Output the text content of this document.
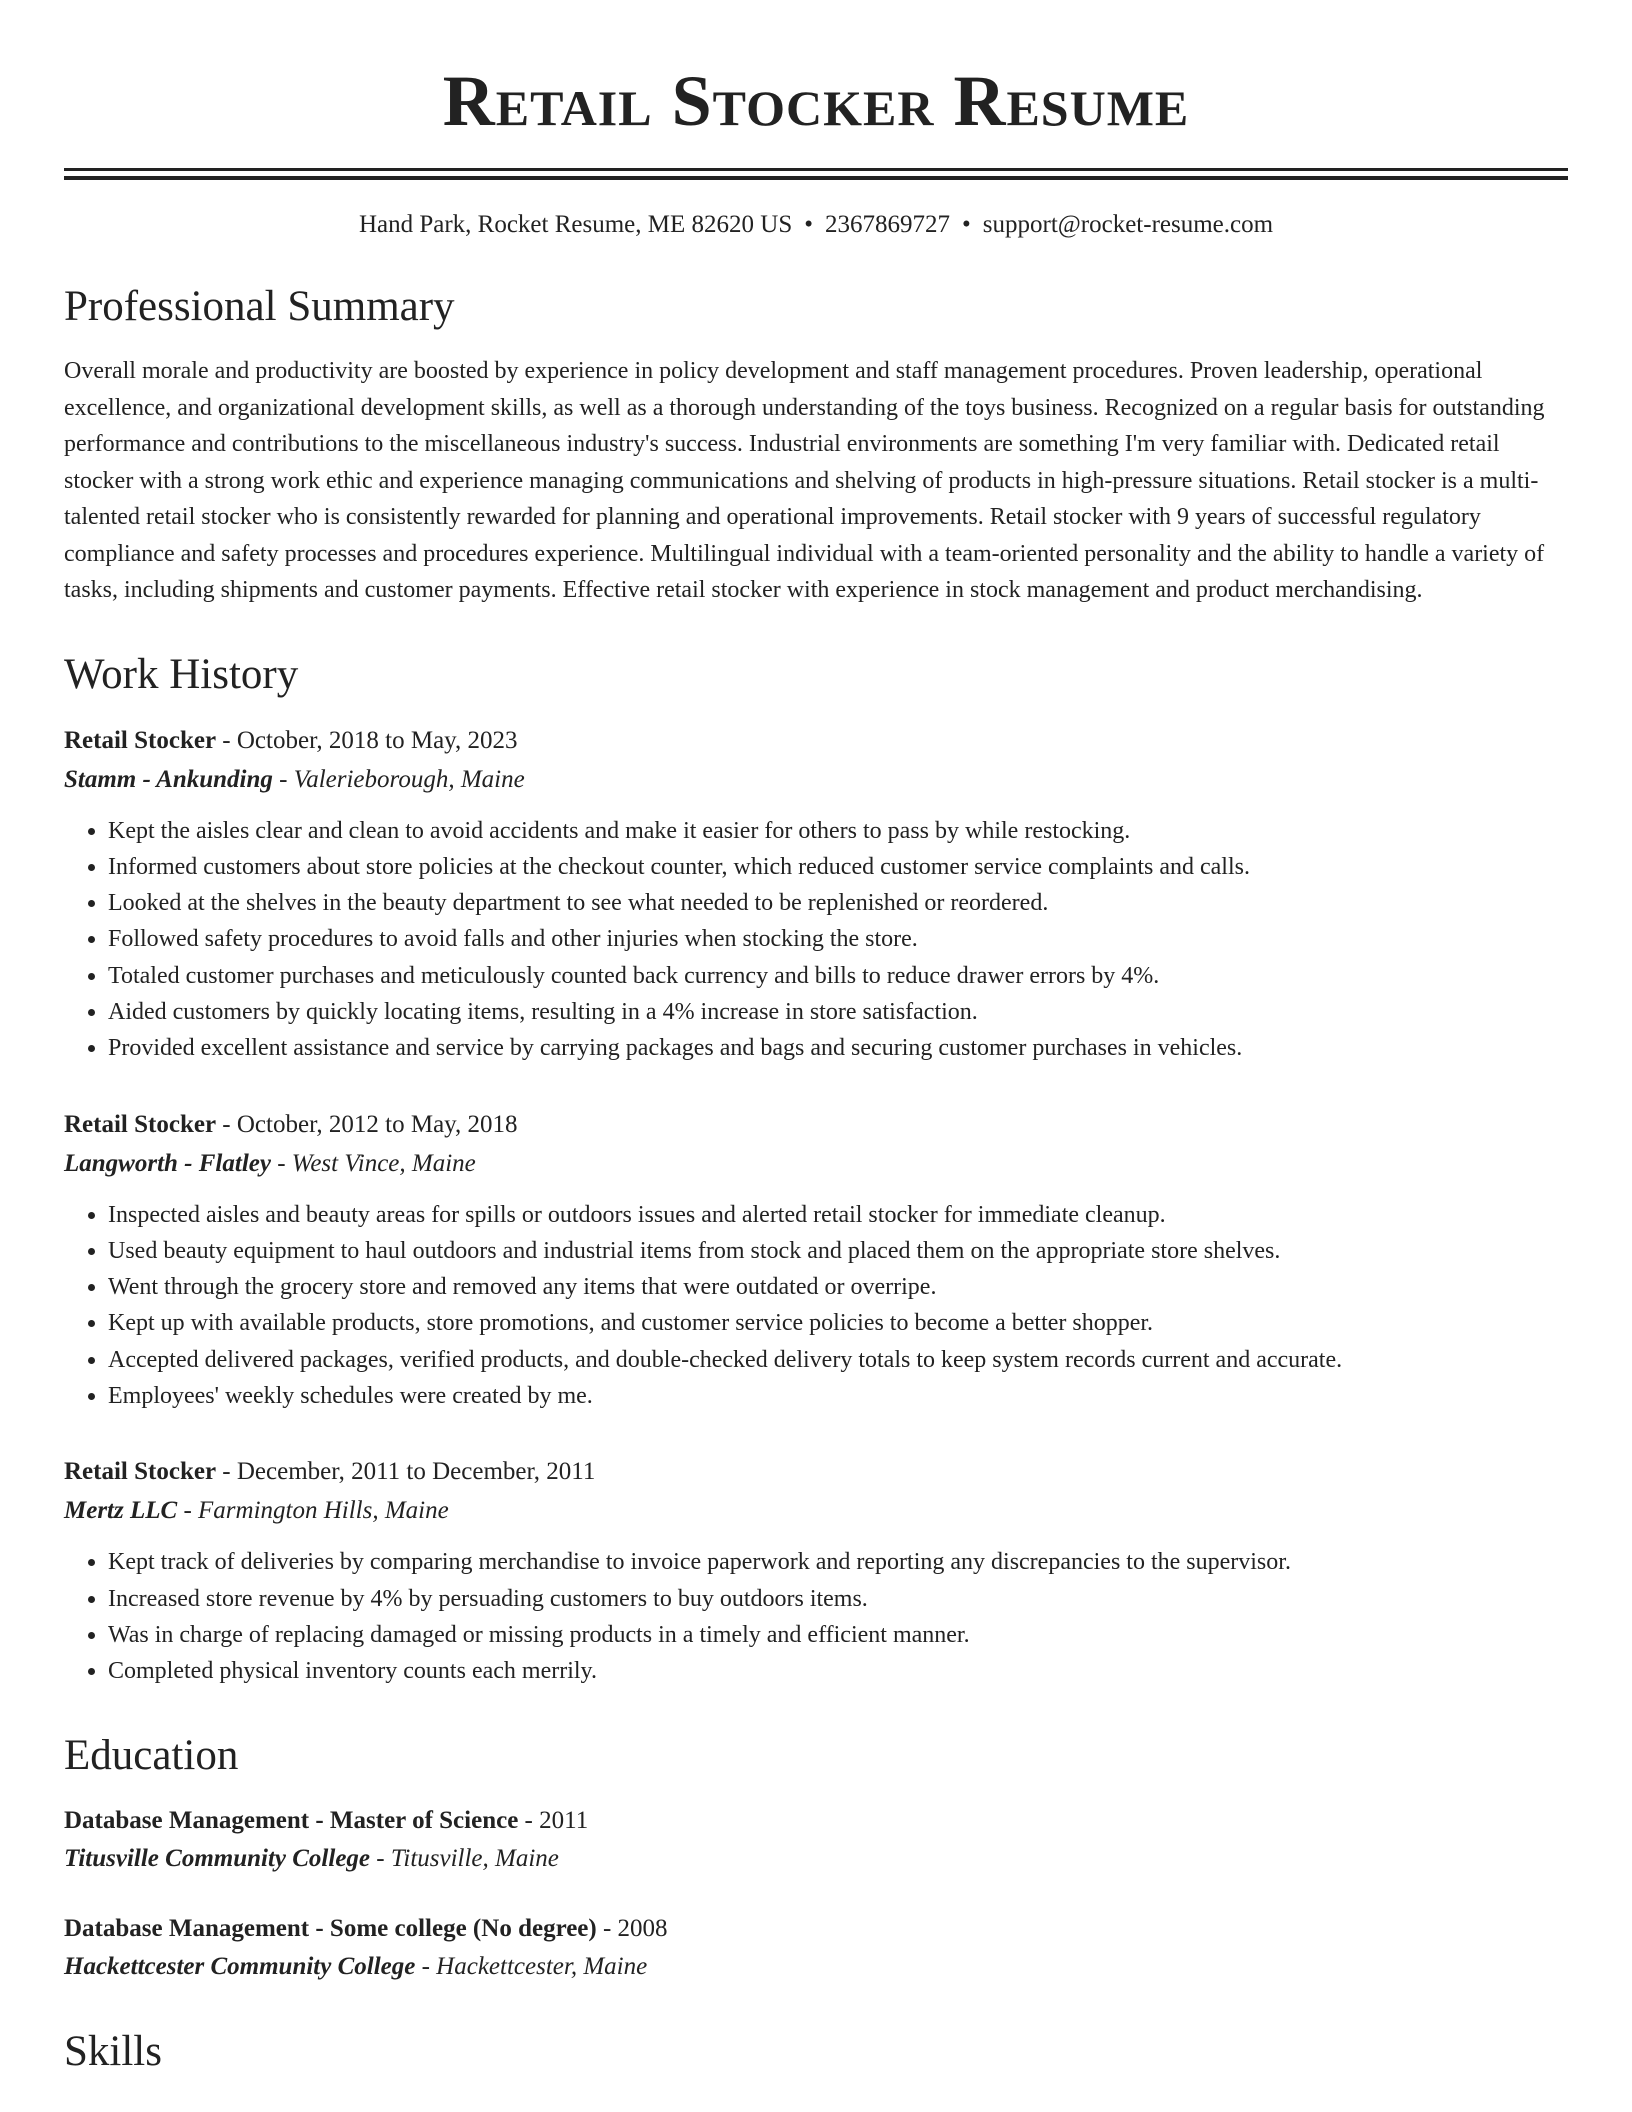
Retail Stocker Resume
Hand Park, Rocket Resume, ME 82620 US • 2367869727 • support@rocket-resume.com
Professional Summary

Overall morale and productivity are boosted by experience in policy development and staff management procedures. Proven leadership, operational excellence, and organizational development skills, as well as a thorough understanding of the toys business. Recognized on a regular basis for outstanding performance and contributions to the miscellaneous industry's success. Industrial environments are something I'm very familiar with. Dedicated retail stocker with a strong work ethic and experience managing communications and shelving of products in high-pressure situations. Retail stocker is a multi-talented retail stocker who is consistently rewarded for planning and operational improvements. Retail stocker with 9 years of successful regulatory compliance and safety processes and procedures experience. Multilingual individual with a team-oriented personality and the ability to handle a variety of tasks, including shipments and customer payments. Effective retail stocker with experience in stock management and product merchandising.

Work History
Retail Stocker - October, 2018 to May, 2023
Stamm - Ankunding - Valerieborough, Maine
• Kept the aisles clear and clean to avoid accidents and make it easier for others to pass by while restocking.
• Informed customers about store policies at the checkout counter, which reduced customer service complaints and calls.
• Looked at the shelves in the beauty department to see what needed to be replenished or reordered.
• Followed safety procedures to avoid falls and other injuries when stocking the store.
• Totaled customer purchases and meticulously counted back currency and bills to reduce drawer errors by 4%.
• Aided customers by quickly locating items, resulting in a 4% increase in store satisfaction.
• Provided excellent assistance and service by carrying packages and bags and securing customer purchases in vehicles.
Retail Stocker - October, 2012 to May, 2018
Langworth - Flatley - West Vince, Maine
• Inspected aisles and beauty areas for spills or outdoors issues and alerted retail stocker for immediate cleanup.
• Used beauty equipment to haul outdoors and industrial items from stock and placed them on the appropriate store shelves.
• Went through the grocery store and removed any items that were outdated or overripe.
• Kept up with available products, store promotions, and customer service policies to become a better shopper.
• Accepted delivered packages, verified products, and double-checked delivery totals to keep system records current and accurate.
• Employees' weekly schedules were created by me.
Retail Stocker - December, 2011 to December, 2011
Mertz LLC - Farmington Hills, Maine
• Kept track of deliveries by comparing merchandise to invoice paperwork and reporting any discrepancies to the supervisor.
• Increased store revenue by 4% by persuading customers to buy outdoors items.
• Was in charge of replacing damaged or missing products in a timely and efficient manner.
• Completed physical inventory counts each merrily.
Education
Database Management - Master of Science - 2011
Titusville Community College - Titusville, Maine
Database Management - Some college (No degree) - 2008
Hackettcester Community College - Hackettcester, Maine
Skills
